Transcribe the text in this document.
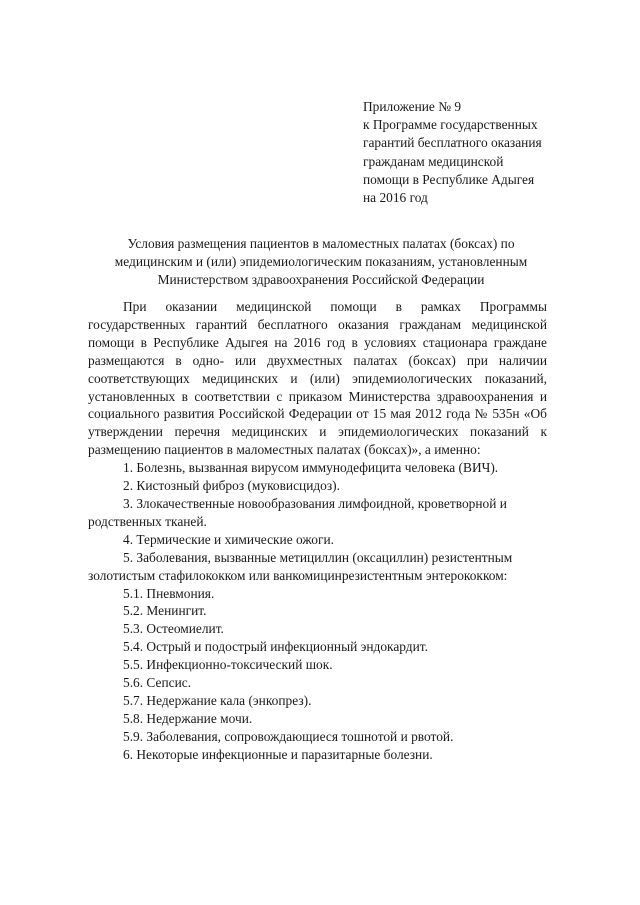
Приложение № 9
к Программе государственных
гарантий бесплатного оказания
гражданам медицинской
помощи в Республике Адыгея
на 2016 год
Условия размещения пациентов в маломестных палатах (боксах) по медицинским и (или) эпидемиологическим показаниям, установленным Министерством здравоохранения Российской Федерации

При оказании медицинской помощи в рамках Программы государственных гарантий бесплатного оказания гражданам медицинской помощи в Республике Адыгея на 2016 год в условиях стационара граждане размещаются в одно- или двухместных палатах (боксах) при наличии соответствующих медицинских и (или) эпидемиологических показаний, установленных в соответствии с приказом Министерства здравоохранения и социального развития Российской Федерации от 15 мая 2012 года № 535н «Об утверждении перечня медицинских и эпидемиологических показаний к размещению пациентов в маломестных палатах (боксах)», а именно:

1. Болезнь, вызванная вирусом иммунодефицита человека (ВИЧ).

2. Кистозный фиброз (муковисцидоз).

3. Злокачественные новообразования лимфоидной, кроветворной и родственных тканей.

4. Термические и химические ожоги.

5. Заболевания, вызванные метициллин (оксациллин) резистентным золотистым стафилококком или ванкомицинрезистентным энтерококком:

5.1. Пневмония.

5.2. Менингит.

5.3. Остеомиелит.

5.4. Острый и подострый инфекционный эндокардит.

5.5. Инфекционно-токсический шок.

5.6. Сепсис.

5.7. Недержание кала (энкопрез).

5.8. Недержание мочи.

5.9. Заболевания, сопровождающиеся тошнотой и рвотой.

6. Некоторые инфекционные и паразитарные болезни.
